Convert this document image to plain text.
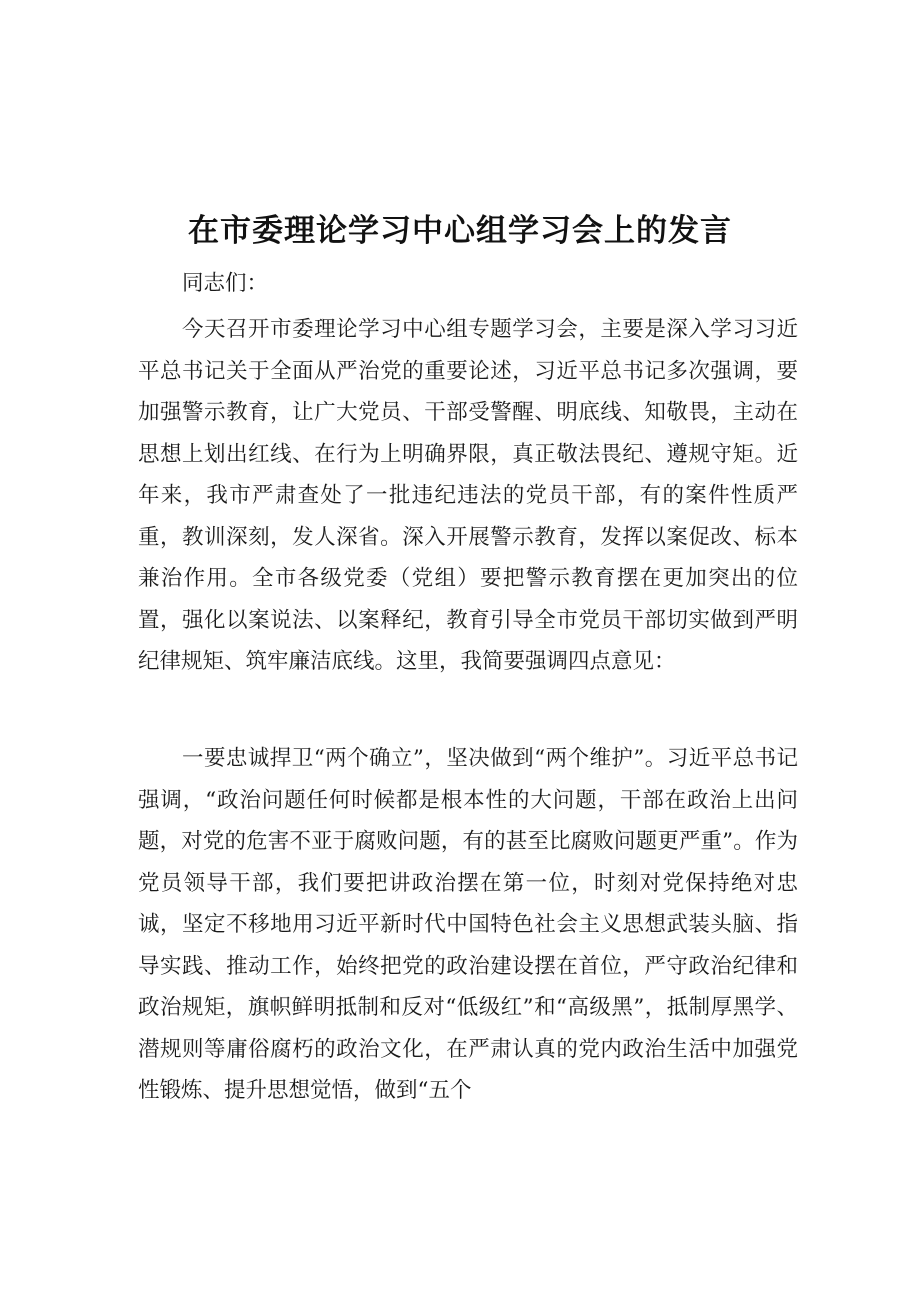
在市委理论学习中心组学习会上的发言

同志们：

今天召开市委理论学习中心组专题学习会，主要是深入学习习近平总书记关于全面从严治党的重要论述，习近平总书记多次强调，要加强警示教育，让广大党员、干部受警醒、明底线、知敬畏，主动在思想上划出红线、在行为上明确界限，真正敬法畏纪、遵规守矩。近年来，我市严肃查处了一批违纪违法的党员干部，有的案件性质严重，教训深刻，发人深省。深入开展警示教育，发挥以案促改、标本兼治作用。全市各级党委（党组）要把警示教育摆在更加突出的位置，强化以案说法、以案释纪，教育引导全市党员干部切实做到严明纪律规矩、筑牢廉洁底线。这里，我简要强调四点意见：

一要忠诚捍卫“两个确立”，坚决做到“两个维护”。习近平总书记强调，“政治问题任何时候都是根本性的大问题，干部在政治上出问题，对党的危害不亚于腐败问题，有的甚至比腐败问题更严重”。作为党员领导干部，我们要把讲政治摆在第一位，时刻对党保持绝对忠诚，坚定不移地用习近平新时代中国特色社会主义思想武装头脑、指导实践、推动工作，始终把党的政治建设摆在首位，严守政治纪律和政治规矩，旗帜鲜明抵制和反对“低级红”和“高级黑”，抵制厚黑学、潜规则等庸俗腐朽的政治文化，在严肃认真的党内政治生活中加强党性锻炼、提升思想觉悟，做到“五个
